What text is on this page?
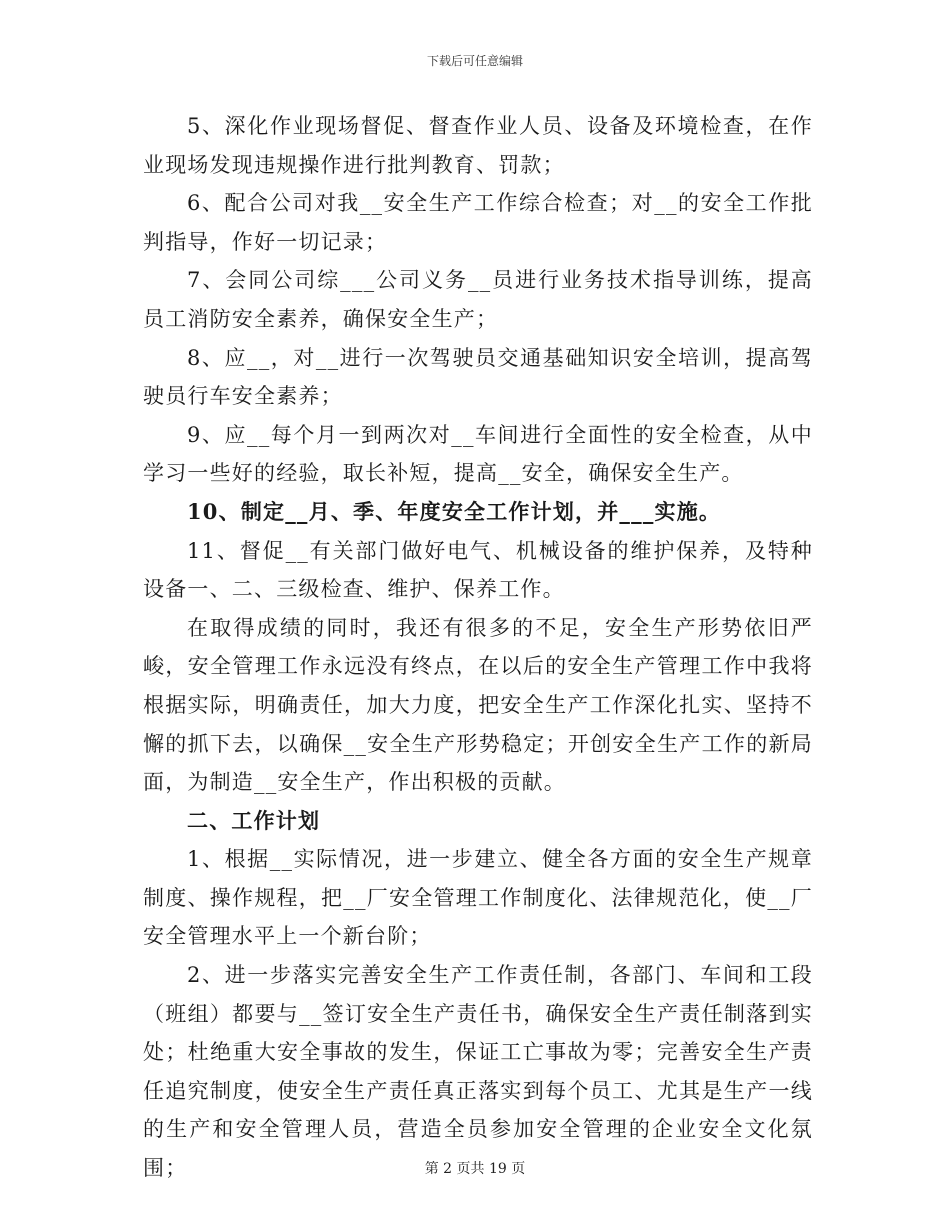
下载后可任意编辑

5、深化作业现场督促、督查作业人员、设备及环境检查，在作业现场发现违规操作进行批判教育、罚款；

6、配合公司对我__安全生产工作综合检查；对__的安全工作批判指导，作好一切记录；

7、会同公司综___公司义务__员进行业务技术指导训练，提高员工消防安全素养，确保安全生产；

8、应__，对__进行一次驾驶员交通基础知识安全培训，提高驾驶员行车安全素养；

9、应__每个月一到两次对__车间进行全面性的安全检查，从中学习一些好的经验，取长补短，提高__安全，确保安全生产。

10、制定__月、季、年度安全工作计划，并___实施。

11、督促__有关部门做好电气、机械设备的维护保养，及特种设备一、二、三级检查、维护、保养工作。

在取得成绩的同时，我还有很多的不足，安全生产形势依旧严峻，安全管理工作永远没有终点，在以后的安全生产管理工作中我将根据实际，明确责任，加大力度，把安全生产工作深化扎实、坚持不懈的抓下去，以确保__安全生产形势稳定；开创安全生产工作的新局面，为制造__安全生产，作出积极的贡献。

二、工作计划

1、根据__实际情况，进一步建立、健全各方面的安全生产规章制度、操作规程，把__厂安全管理工作制度化、法律规范化，使__厂安全管理水平上一个新台阶；

2、进一步落实完善安全生产工作责任制，各部门、车间和工段（班组）都要与__签订安全生产责任书，确保安全生产责任制落到实处；杜绝重大安全事故的发生，保证工亡事故为零；完善安全生产责任追究制度，使安全生产责任真正落实到每个员工、尤其是生产一线的生产和安全管理人员，营造全员参加安全管理的企业安全文化氛围；	第 2 页共 19 页
